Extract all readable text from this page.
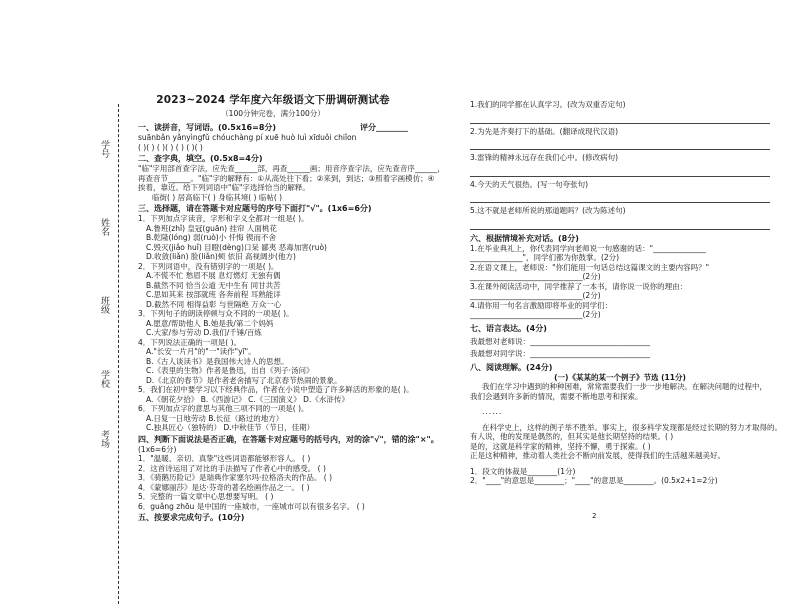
学号
姓名
班级
学校
考场
2023~2024 学年度六年级语文下册调研测试卷
（100分钟完卷，满分100分）
一、读拼音，写词语。(0.5x16=8分)	评分________
suānbǎn yǎnyìngfǔ chóuchàng pí xuē huò luì xīduǒi chiǐon
( )( ) ( )( ) ( ) ( )( )
二、查字典，填空。(0.5x8=4分)
"临"字用部首查字法，应先查______部，再查______画；用音序查字法，应先查音序______，
再查音节______。"临"字的解释有：①从高处往下看；②来到，到达；③照着字画模仿；④
挨着，靠近。给下列词语中"临"字选择恰当的解释。
临街( ) 居高临下( ) 身临其境( ) 临帖( )
三、选择题，请在答题卡对应题号的序号下面打"√"。(1x6=6分)
1．下列加点字读音，字形和字义全都对一组是( )。
A.鲁班(zhǐ) 皇冠(guān) 挂帘 人面桃花
B.乾隆(lóng) 弱(ruò)小 忏悔 锲而不舍
C.毁灭(jiǎo huǐ) 目瞪(dèng)口呆 鄙夷 恶毒加害(ruò)
D.收敛(liǎn) 脸(liǎn)颊 依旧 高视阔步(他方)
2．下列词语中，没有错别字的一项是( )。
A.不慌不忙 愁眉不展 息灯燃灯 无独有偶
B.截然不同 恰当公道 无中生有 同甘共苦
C.思如其来 按部就班 各奔前程 耳熟能详
D.截然不同 相得益彰 与世隔绝 万众一心
3．下列句子的朗读停顿与众不同的一项是( )。
A.愿意/帮助他人 B.她是我/第二个妈妈
C.大家/参与劳动 D.我们/千锤/百炼
4．下列说法正确的一项是( )。
A."长安一片月"的"一"读作"yī"。
B.《古人谈读书》是我国伟大诗人的思想。
C.《表里的生物》作者是鲁迅，出自《列子·汤问》
D.《北京的春节》是作者老舍描写了北京春节热闹的景象。
5．我们在初中要学习以下经典作品，作者在小说中塑造了许多鲜活的形象的是( )。
A.《朝花夕拾》 B.《西游记》 C.《三国演义》 D.《水浒传》
6．下列加点字的意思与其他三项不同的一项是( )。
A.日复一日地劳动 B.长征（路过的地方）
C.独具匠心（独特的） D.中秋佳节（节日，佳期）
四、判断下面说法是否正确，在答题卡对应题号的括号内，对的涂"√"，错的涂"×"。
(1x6=6分)
1．"温暖、亲切、真挚"这些词语都能够形容人。 ( )
2．这首诗运用了对比的手法描写了作者心中的感受。 ( )
3．《骑鹅历险记》是瑞典作家塞尔玛·拉格洛夫的作品。 ( )
4．《蒙娜丽莎》是达·芬奇的著名绘画作品之一。 ( )
5．完整的一篇文章中心思想要写明。 ( )
6．guǎng zhōu 是中国的一座城市，一座城市可以有很多名字。 ( )
五、按要求完成句子。(10分)
1.我们的同学都在认真学习。(改为双重否定句)
2.为先是齐奏打下的基础。(翻译成现代汉语)
3.雷锋的精神永远存在我们心中。(修改病句)
4.今天的天气很热。(写一句夸张句)
5.这不就是老师所说的那道题吗？(改为陈述句)
六、根据情境补充对话。(8分)
1.在毕业典礼上，你代表同学向老师说一句感谢的话："______________
______________"，同学们都为你鼓掌。(2分)
2.在语文课上，老师说："你们能用一句话总结这篇课文的主要内容吗？"
______________________________(2分)
3.在课外阅读活动中，同学推荐了一本书，请你说一说你的理由：
______________________________(2分)
4.请你用一句名言激励即将毕业的同学们：
______________________________(2分)
七、语言表达。(4分)
我最想对老师说：________________________________
我最想对同学说：________________________________
八、阅读理解。(24分)
(一)《某某的某一个例子》节选 (11分)
我们在学习中遇到的种种困难，常常需要我们一步一步地解决。在解决问题的过程中，
我们会遇到许多新的情况，需要不断地思考和探索。
......
在科学史上，这样的例子举不胜举。事实上，很多科学发现都是经过长期的努力才取得的。
有人说，他的发现是偶然的，但其实是他长期坚持的结果。( )
是的，这就是科学家的精神，坚持不懈，勇于探索。( )
正是这种精神，推动着人类社会不断向前发展，使得我们的生活越来越美好。
1．段文的体裁是________(1分)
2．"____"的意思是________；"____"的意思是________。(0.5x2+1=2分)
2
